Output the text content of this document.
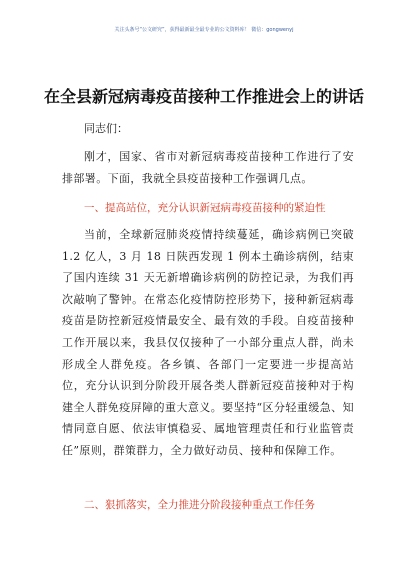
关注头条号“公文研究”，获得最新最全最专业的公文资料库！ 微信：gongwenyj
在全县新冠病毒疫苗接种工作推进会上的讲话
同志们：
刚才，国家、省市对新冠病毒疫苗接种工作进行了安排部署。下面，我就全县疫苗接种工作强调几点。
一、提高站位，充分认识新冠病毒疫苗接种的紧迫性
当前，全球新冠肺炎疫情持续蔓延，确诊病例已突破 1.2 亿人，3 月 18 日陕西发现 1 例本土确诊病例，结束了国内连续 31 天无新增确诊病例的防控记录，为我们再次敲响了警钟。在常态化疫情防控形势下，接种新冠病毒疫苗是防控新冠疫情最安全、最有效的手段。自疫苗接种工作开展以来，我县仅仅接种了一小部分重点人群，尚未形成全人群免疫。各乡镇、各部门一定要进一步提高站位，充分认识到分阶段开展各类人群新冠疫苗接种对于构建全人群免疫屏障的重大意义。要坚持“区分轻重缓急、知情同意自愿、依法审慎稳妥、属地管理责任和行业监管责任”原则，群策群力，全力做好动员、接种和保障工作。
二、狠抓落实，全力推进分阶段接种重点工作任务
